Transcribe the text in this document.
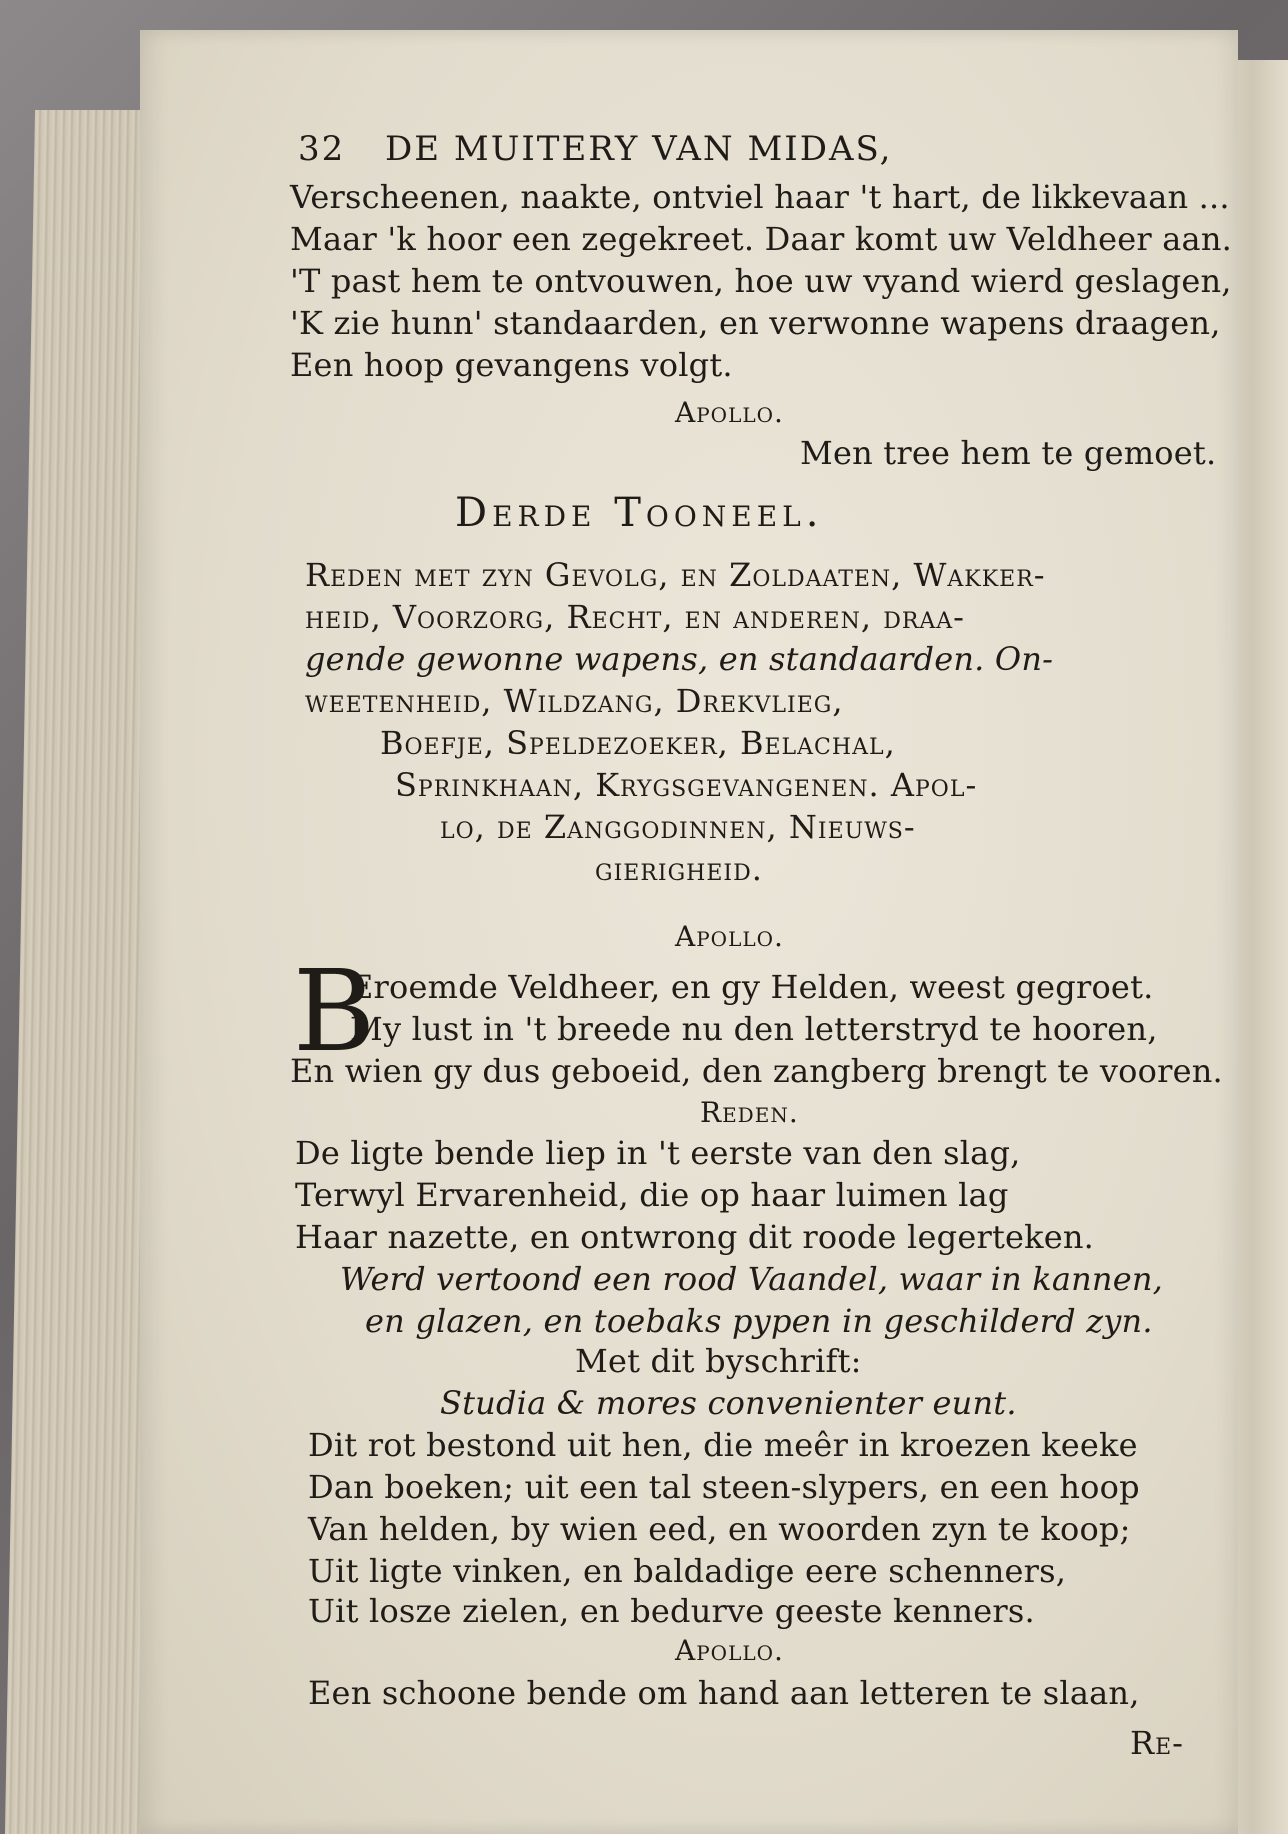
32 DE MUITERY VAN MIDAS,
Verscheenen, naakte, ontviel haar 't hart, de likkevaan ...
Maar 'k hoor een zegekreet. Daar komt uw Veldheer aan.
'T past hem te ontvouwen, hoe uw vyand wierd geslagen,
'K zie hunn' standaarden, en verwonne wapens draagen,
Een hoop gevangens volgt.
Apollo.
Men tree hem te gemoet.
Derde Tooneel.
Reden met zyn Gevolg, en Zoldaaten, Wakker-
heid, Voorzorg, Recht, en anderen, draa-
gende gewonne wapens, en standaarden. On-
weetenheid, Wildzang, Drekvlieg,
Boefje, Speldezoeker, Belachal,
Sprinkhaan, Krygsgevangenen. Apol-
lo, de Zanggodinnen, Nieuws-
gierigheid.
Apollo.
B
Eroemde Veldheer, en gy Helden, weest gegroet.
My lust in 't breede nu den letterstryd te hooren,
En wien gy dus geboeid, den zangberg brengt te vooren.
Reden.
De ligte bende liep in 't eerste van den slag,
Terwyl Ervarenheid, die op haar luimen lag
Haar nazette, en ontwrong dit roode legerteken.
Werd vertoond een rood Vaandel, waar in kannen,
en glazen, en toebaks pypen in geschilderd zyn.
Met dit byschrift:
Studia & mores convenienter eunt.
Dit rot bestond uit hen, die meêr in kroezen keeke
Dan boeken; uit een tal steen-slypers, en een hoop
Van helden, by wien eed, en woorden zyn te koop;
Uit ligte vinken, en baldadige eere schenners,
Uit losze zielen, en bedurve geeste kenners.
Apollo.
Een schoone bende om hand aan letteren te slaan,
Re-
